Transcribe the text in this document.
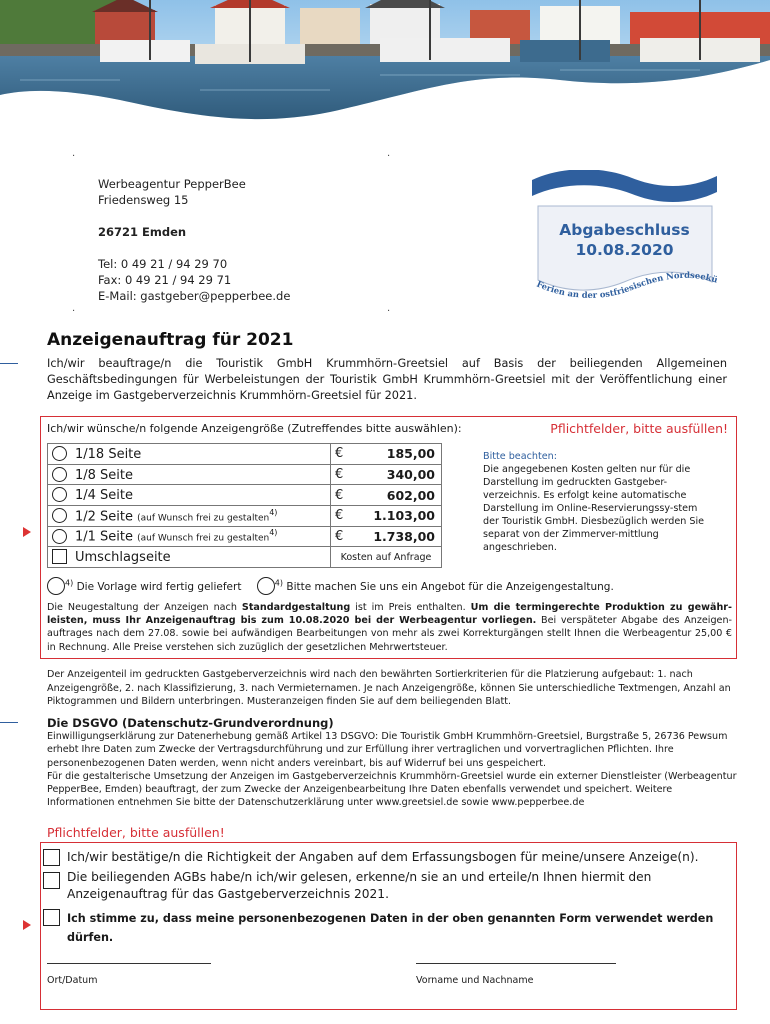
.	.
.	.
Werbeagentur PepperBee
Friedensweg 15
26721 Emden
Tel: 0 49 21 / 94 29 70
Fax: 0 49 21 / 94 29 71
E-Mail: gastgeber@pepperbee.de
Ferien an der ostfriesischen Nordseek
Abgabeschluss
10.08.2020
Anzeigenauftrag für 2021
Ich/wir beauftrage/n die Touristik GmbH Krummhörn-Greetsiel auf Basis der beiliegenden Allgemeinen Geschäftsbedingungen für Werbeleistungen der Touristik GmbH Krummhörn-Greetsiel mit der Veröffentlichung einer Anzeige im Gastgeberverzeichnis Krummhörn-Greetsiel für 2021.
Ich/wir wünsche/n folgende Anzeigengröße (Zutreffendes bitte auswählen):	Pflichtfelder, bitte ausfüllen!
1/18 Seite	€	185,00
1/8 Seite	€	340,00
1/4 Seite	€	602,00
1/2 Seite (auf Wunsch frei zu gestalten$^{4)}$	€	1.103,00
1/1 Seite (auf Wunsch frei zu gestalten$^{4)}$	€	1.738,00
Umschlagseite	Kosten auf Anfrage	
Bitte beachten:
Die angegebenen Kosten gelten nur für die Darstellung im gedruckten Gastgeber-verzeichnis. Es erfolgt keine automatische Darstellung im Online-Reservierungssy-stem der Touristik GmbH. Diesbezüglich werden Sie separat von der Zimmerver-mittlung angeschrieben.
$^{4)}$ Die Vorlage wird fertig geliefert	$^{4)}$ Bitte machen Sie uns ein Angebot für die Anzeigengestaltung.
Die Neugestaltung der Anzeigen nach Standardgestaltung ist im Preis enthalten. Um die termingerechte Produktion zu gewähr-leisten, muss Ihr Anzeigenauftrag bis zum 10.08.2020 bei der Werbeagentur vorliegen. Bei verspäteter Abgabe des Anzeigen-auftrages nach dem 27.08. sowie bei aufwändigen Bearbeitungen von mehr als zwei Korrekturgängen stellt Ihnen die Werbeagentur 25,00 € in Rechnung. Alle Preise verstehen sich zuzüglich der gesetzlichen Mehrwertsteuer.
Der Anzeigenteil im gedruckten Gastgeberverzeichnis wird nach den bewährten Sortierkriterien für die Platzierung aufgebaut: 1. nach Anzeigengröße, 2. nach Klassifizierung, 3. nach Vermieternamen. Je nach Anzeigengröße, können Sie unterschiedliche Textmengen, Anzahl an Piktogrammen und Bildern unterbringen. Musteranzeigen finden Sie auf dem beiliegenden Blatt.
Die DSGVO (Datenschutz-Grundverordnung)
Einwilligungserklärung zur Datenerhebung gemäß Artikel 13 DSGVO: Die Touristik GmbH Krummhörn-Greetsiel, Burgstraße 5, 26736 Pewsum erhebt Ihre Daten zum Zwecke der Vertragsdurchführung und zur Erfüllung ihrer vertraglichen und vorvertraglichen Pflichten. Ihre personenbezogenen Daten werden, wenn nicht anders vereinbart, bis auf Widerruf bei uns gespeichert.
Für die gestalterische Umsetzung der Anzeigen im Gastgeberverzeichnis Krummhörn-Greetsiel wurde ein externer Dienstleister (Werbeagentur PepperBee, Emden) beauftragt, der zum Zwecke der Anzeigenbearbeitung Ihre Daten ebenfalls verwendet und speichert. Weitere Informationen entnehmen Sie bitte der Datenschutzerklärung unter www.greetsiel.de sowie www.pepperbee.de
Pflichtfelder, bitte ausfüllen!
Ich/wir bestätige/n die Richtigkeit der Angaben auf dem Erfassungsbogen für meine/unsere Anzeige(n).
Die beiliegenden AGBs habe/n ich/wir gelesen, erkenne/n sie an und erteile/n Ihnen hiermit den Anzeigenauftrag für das Gastgeberverzeichnis 2021.
Ich stimme zu, dass meine personenbezogenen Daten in der oben genannten Form verwendet werden dürfen.
Ort/Datum	Vorname und Nachname
